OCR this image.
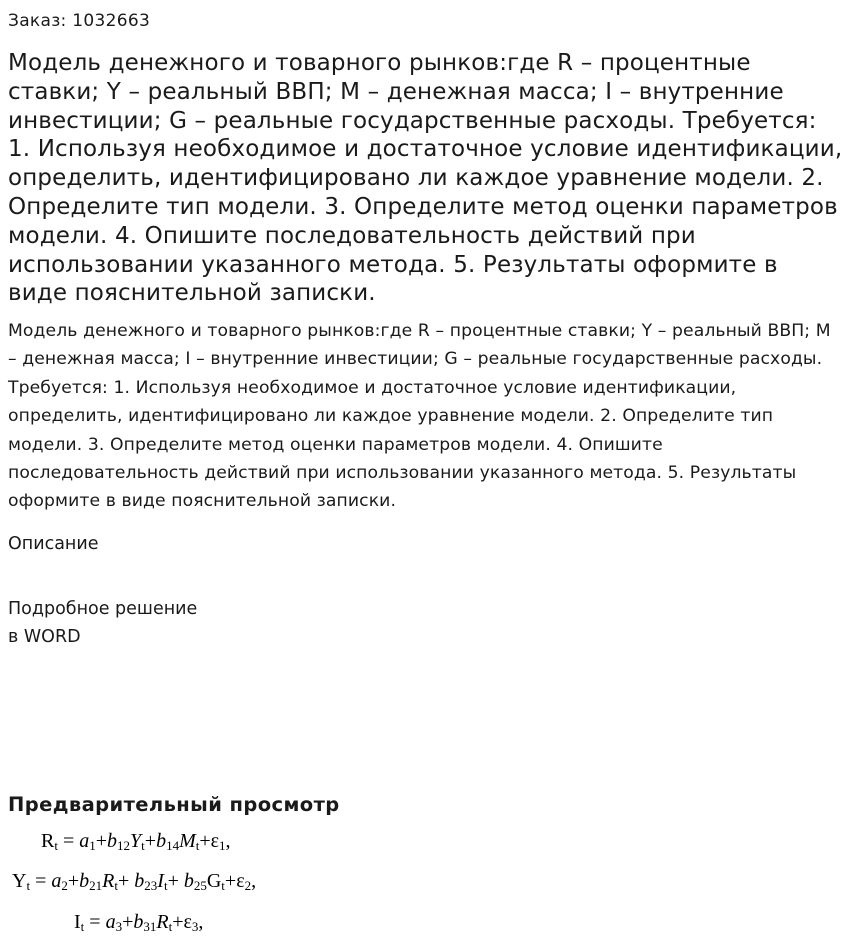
Заказ: 1032663
Модель денежного и товарного рынков:где R – процентные ставки; Y – реальный ВВП; M – денежная масса; I – внутренние инвестиции; G – реальные государственные расходы. Требуется: 1. Используя необходимое и достаточное условие идентификации, определить, идентифицировано ли каждое уравнение модели. 2. Определите тип модели. 3. Определите метод оценки параметров модели. 4. Опишите последовательность действий при использовании указанного метода. 5. Результаты оформите в виде пояснительной записки.

Модель денежного и товарного рынков:где R – процентные ставки; Y – реальный ВВП; M – денежная масса; I – внутренние инвестиции; G – реальные государственные расходы. Требуется: 1. Используя необходимое и достаточное условие идентификации, определить, идентифицировано ли каждое уравнение модели. 2. Определите тип модели. 3. Определите метод оценки параметров модели. 4. Опишите последовательность действий при использовании указанного метода. 5. Результаты оформите в виде пояснительной записки.

Описание
Подробное решение
в WORD
Предварительный просмотр
$R_t = a_1+b_{12}Y_t+b_{14}M_t+\varepsilon_1$,
$Y_t = a_2+b_{21}R_t+ b_{23}I_t+ b_{25}G_t+\varepsilon_2$,
$I_t = a_3+b_{31}R_t+\varepsilon_3$,
